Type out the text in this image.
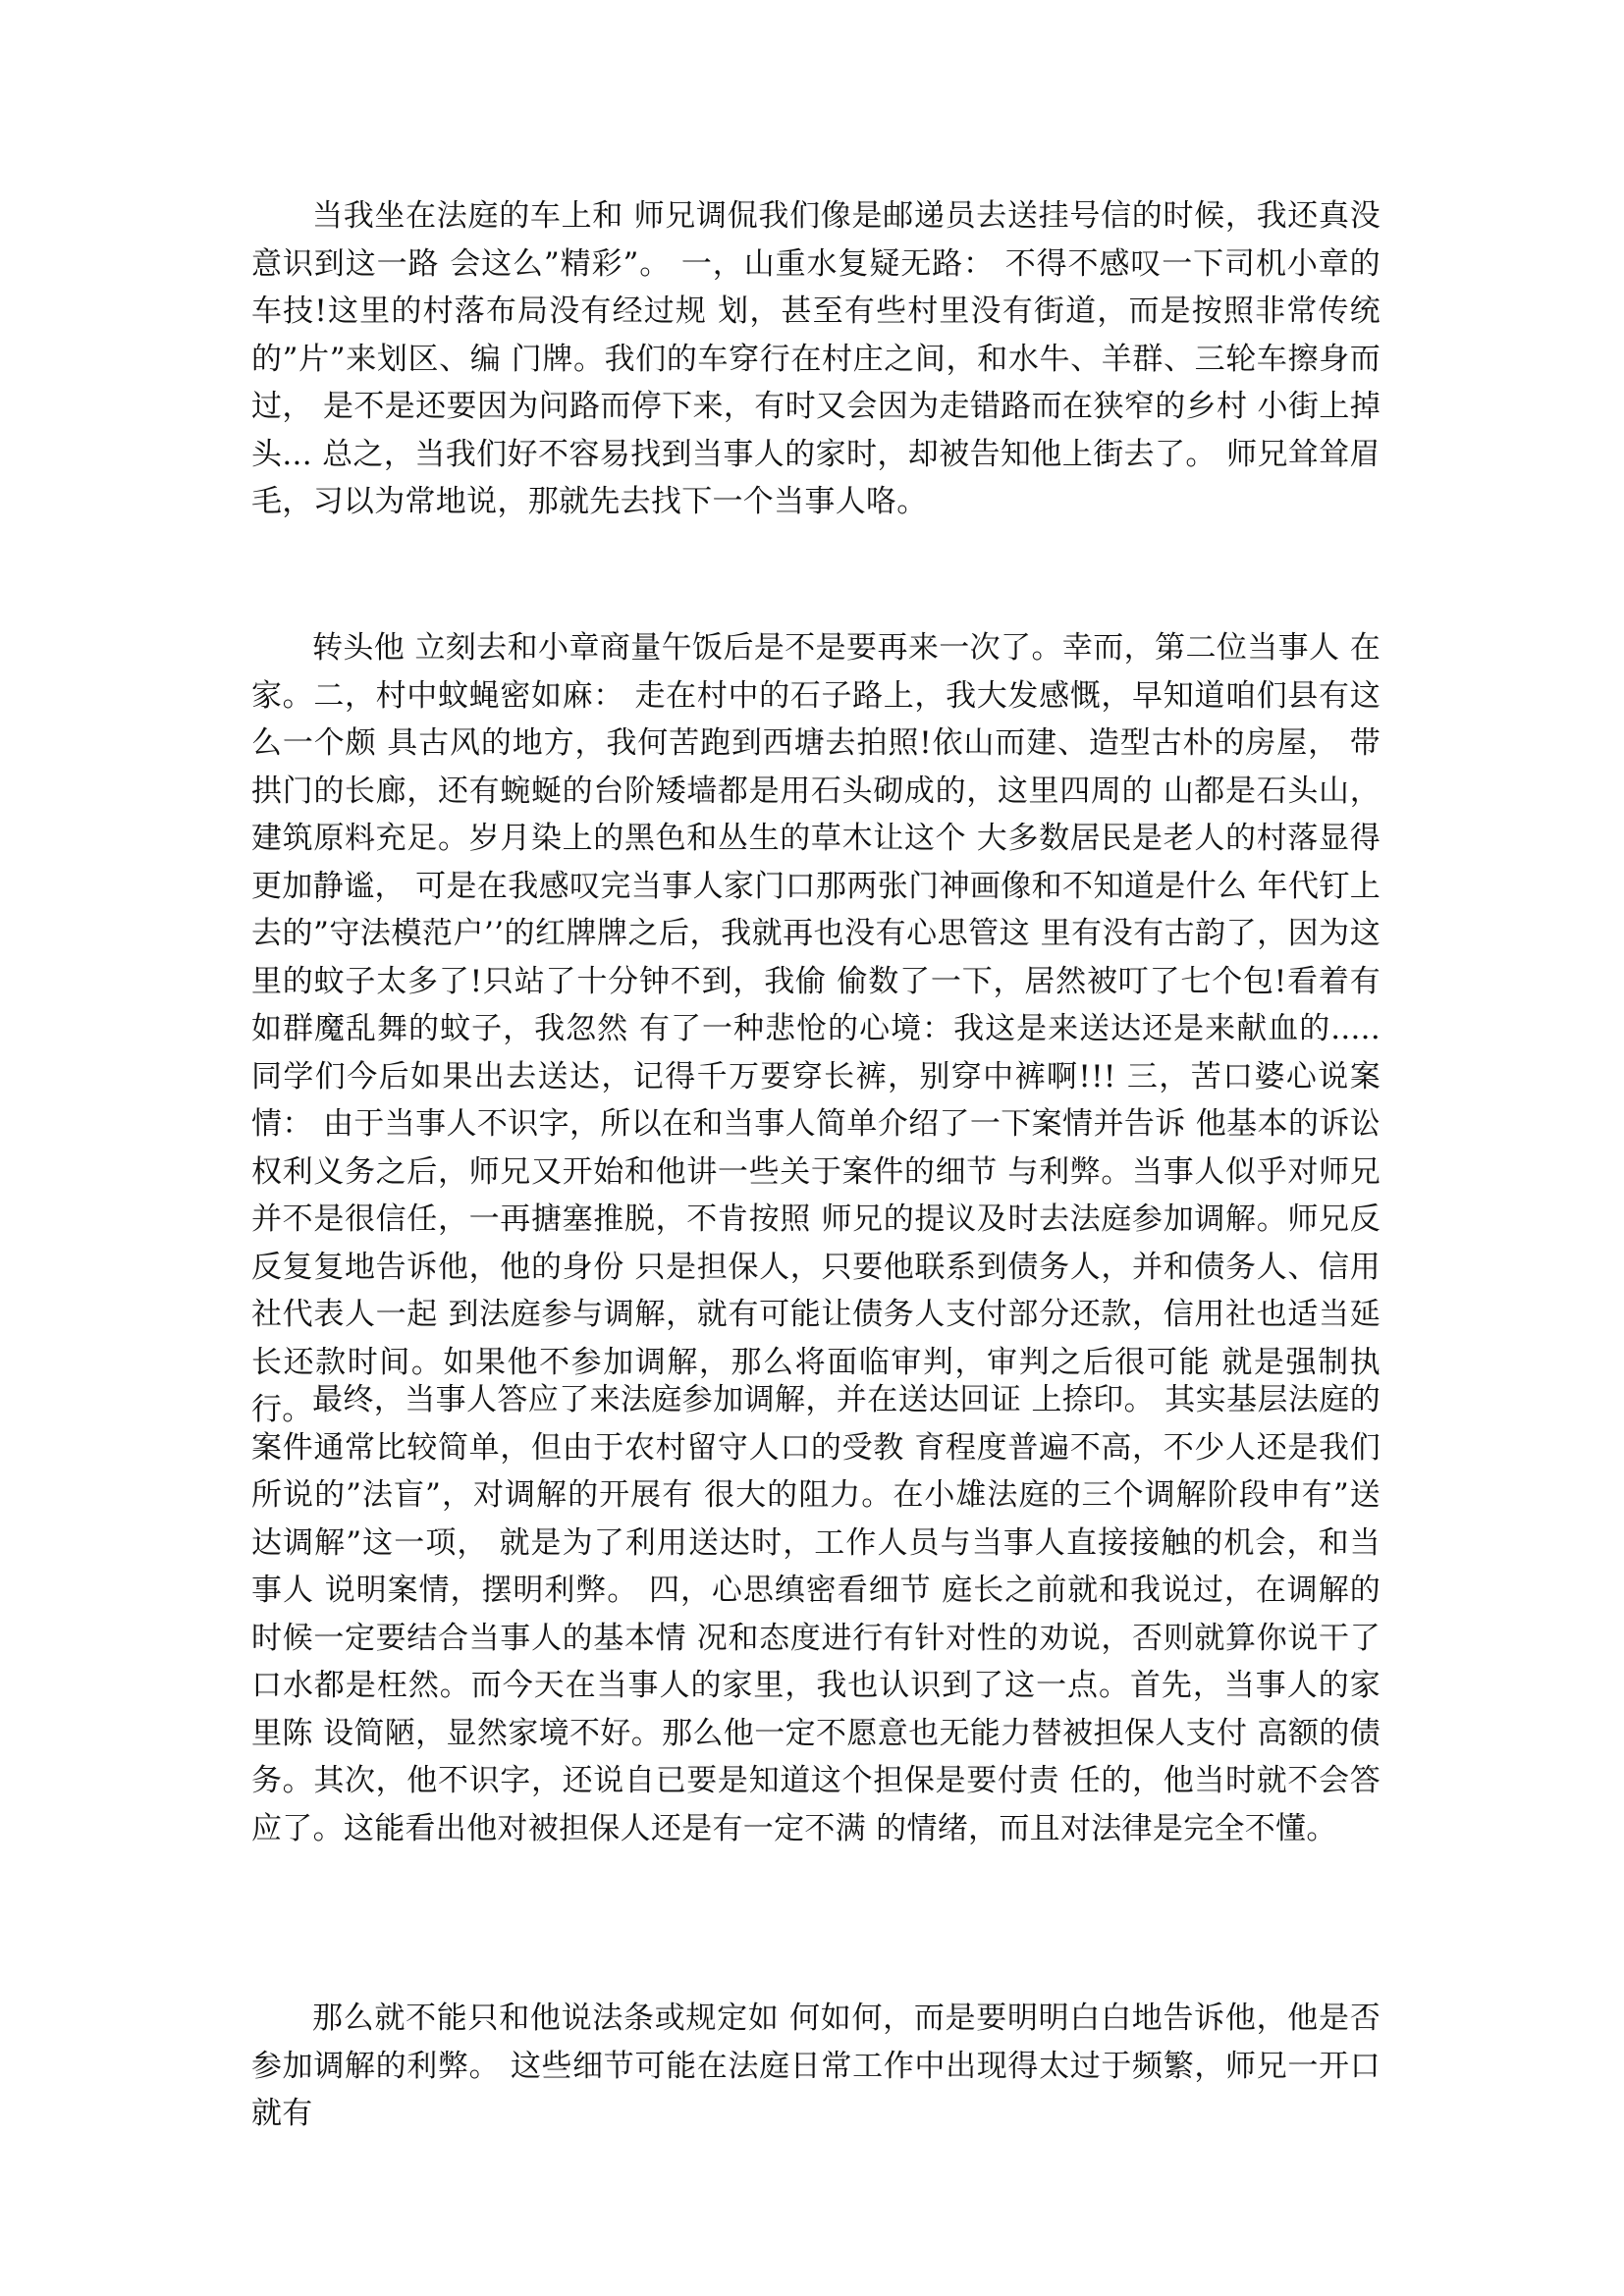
当我坐在法庭的车上和 师兄调侃我们像是邮递员去送挂号信的时候，我还真没意识到这一路 会这么”精彩”。 一，山重水复疑无路： 不得不感叹一下司机小章的车技!这里的村落布局没有经过规 划，甚至有些村里没有街道，而是按照非常传统的”片”来划区、编 门牌。我们的车穿行在村庄之间，和水牛、羊群、三轮车擦身而过， 是不是还要因为问路而停下来，有时又会因为走错路而在狭窄的乡村 小街上掉头... 总之，当我们好不容易找到当事人的家时，却被告知他上街去了。 师兄耸耸眉毛，习以为常地说，那就先去找下一个当事人咯。

转头他 立刻去和小章商量午饭后是不是要再来一次了。幸而，第二位当事人 在家。二，村中蚊蝇密如麻： 走在村中的石子路上，我大发感慨，早知道咱们县有这么一个颇 具古风的地方，我何苦跑到西塘去拍照!依山而建、造型古朴的房屋， 带拱门的长廊，还有蜿蜒的台阶矮墙都是用石头砌成的，这里四周的 山都是石头山，建筑原料充足。岁月染上的黑色和丛生的草木让这个 大多数居民是老人的村落显得更加静谧， 可是在我感叹完当事人家门口那两张门神画像和不知道是什么 年代钉上去的”守法模范户’’的红牌牌之后，我就再也没有心思管这 里有没有古韵了，因为这里的蚊子太多了!只站了十分钟不到，我偷 偷数了一下，居然被叮了七个包!看着有如群魔乱舞的蚊子，我忽然 有了一种悲怆的心境：我这是来送达还是来献血的..... 同学们今后如果出去送达，记得千万要穿长裤，别穿中裤啊!!! 三，苦口婆心说案情： 由于当事人不识字，所以在和当事人简单介绍了一下案情并告诉 他基本的诉讼权利义务之后，师兄又开始和他讲一些关于案件的细节 与利弊。当事人似乎对师兄并不是很信任，一再搪塞推脱，不肯按照 师兄的提议及时去法庭参加调解。师兄反反复复地告诉他，他的身份 只是担保人，只要他联系到债务人，并和债务人、信用社代表人一起 到法庭参与调解，就有可能让债务人支付部分还款，信用社也适当延 长还款时间。如果他不参加调解，那么将面临审判，审判之后很可能 就是强制执行。 最终，当事人答应了来法庭参加调解，并在送达回证 上捺印。 其实基层法庭的案件通常比较简单，但由于农村留守人口的受教 育程度普遍不高，不少人还是我们所说的”法盲”，对调解的开展有 很大的阻力。在小雄法庭的三个调解阶段申有”送达调解”这一项， 就是为了利用送达时，工作人员与当事人直接接触的机会，和当事人 说明案情，摆明利弊。 四，心思缜密看细节 庭长之前就和我说过，在调解的时候一定要结合当事人的基本情 况和态度进行有针对性的劝说，否则就算你说干了口水都是枉然。而今天在当事人的家里，我也认识到了这一点。首先，当事人的家里陈 设简陋，显然家境不好。那么他一定不愿意也无能力替被担保人支付 高额的债务。其次，他不识字，还说自已要是知道这个担保是要付责 任的，他当时就不会答应了。这能看出他对被担保人还是有一定不满 的情绪，而且对法律是完全不懂。

那么就不能只和他说法条或规定如 何如何，而是要明明白白地告诉他，他是否参加调解的利弊。 这些细节可能在法庭日常工作中出现得太过于频繁，师兄一开口 就有
